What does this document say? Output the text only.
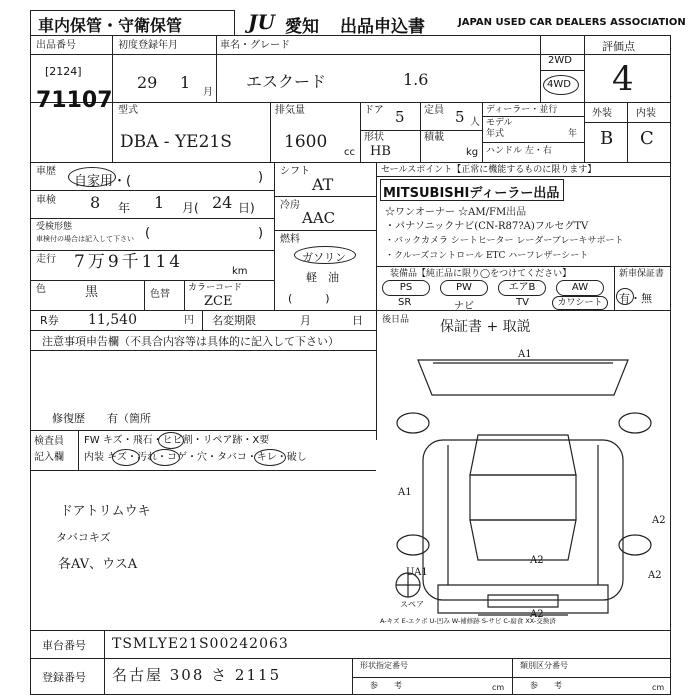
車内保管・守衛保管	JU 愛知 出品申込書	JAPAN USED CAR DEALERS ASSOCIATION
出品番号
[2124]
71107
初度登録年月
29 1
月
車名・グレード
エスクード	1.6
2WD
4WD
評価点
4
型式
DBA - YE21S
排気量
1600
cc
ドア 5 定員 5 人
形状
HB
積載
kg
ディーラー・並行
モデル
年式	年
ハンドル 左・右
外装 内装
B C
車歴
自家用・(	)
車検 8 年 1 月( 24 日)
受検形態
車検付の場合は記入して下さい (	)
走行 7万9千114	km
色	黒	色替
カラーコード
ZCE
シフト
AT
冷房
AAC
燃料
ガソリン
軽　油
(　　　)
セールスポイント【正常に機能するものに限ります】
MITSUBISHIディーラー出品
☆ワンオーナー ☆AM/FM出品
・パナソニックナビ(CN-R87?A)フルセグTV
・バックカメラ シートヒーター レーダーブレーキサポート
・クルーズコントロール ETC ハーフレザーシート
装備品【純正品に限り◯をつけてください】
PS	PW	エアB	AW
SR	ナビ	TV	カワシート
新車保証書
有・無
R券 11,540	円 名変期限	月	日
注意事項申告欄（不具合内容等は具体的に記入して下さい）
修復歴　　有（箇所
後日品 保証書 + 取説
検査員
記入欄
FW キズ・飛石・ヒビ割・リペア跡・X要
内装 キズ・汚れ・コゲ・穴・タバコ・キレ・破し
ドアトリムウキ
タバコキズ
各AV、ウスA
A1
A1
A2
A2
A2
A2
UA1
スペア
A-キズ E-エクボ U-凹み W-補修跡 S-サビ C-腐食 XX-交換済
車台番号 TSMLYE21S00242063
登録番号 名古屋 308 さ 2115
形状指定番号
参　　考	cm
類別区分番号
参　　考	cm
